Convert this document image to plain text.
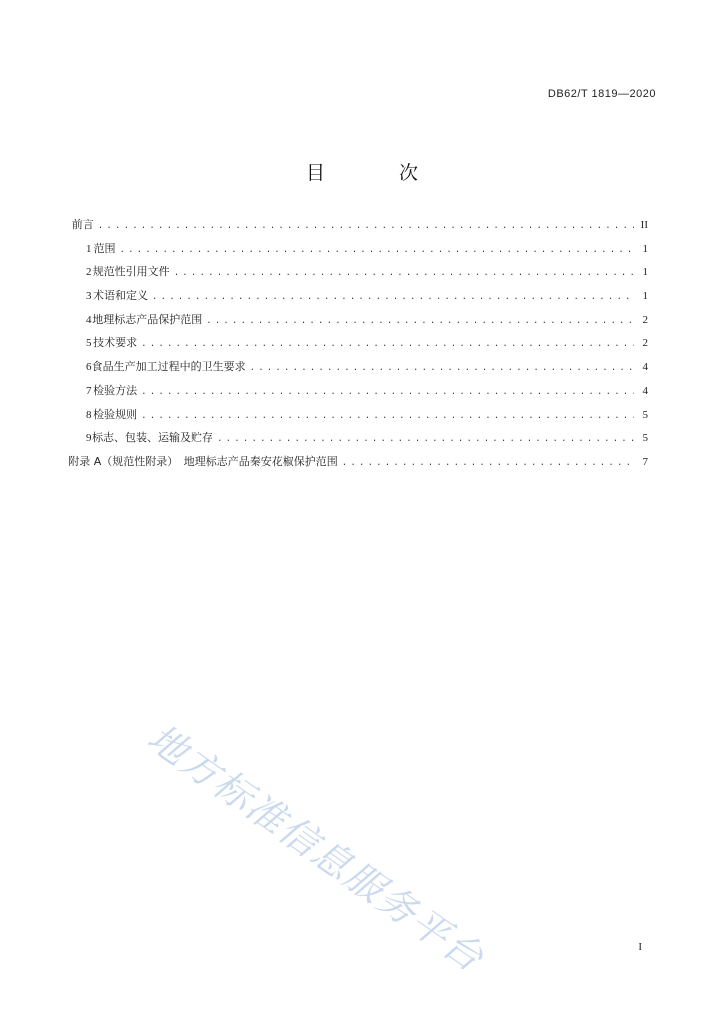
DB62/T 1819—2020
目 次
前言 .....	II
1 范围 .....	1
2 规范性引用文件 .....	1
3 术语和定义 .....	1
4 地理标志产品保护范围 .....	2
5 技术要求 .....	2
6 食品生产加工过程中的卫生要求 .....	4
7 检验方法 .....	4
8 检验规则 .....	5
9 标志、包装、运输及贮存 .....	5
附录 A（规范性附录）　地理标志产品秦安花椒保护范围 .....	7
地方标准信息服务平台	I
